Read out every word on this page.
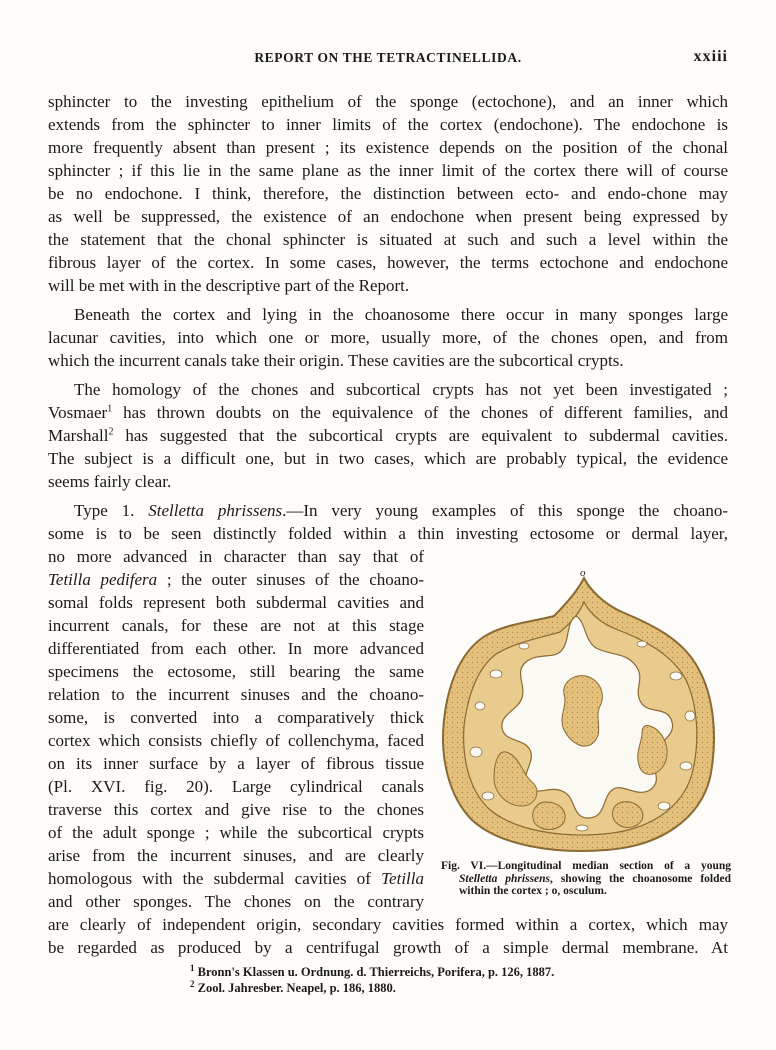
REPORT ON THE TETRACTINELLIDA.	xxiii
sphincter to the investing epithelium of the sponge (ectochone), and an inner which
extends from the sphincter to inner limits of the cortex (endochone). The endochone is
more frequently absent than present ; its existence depends on the position of the chonal
sphincter ; if this lie in the same plane as the inner limit of the cortex there will of course
be no endochone. I think, therefore, the distinction between ecto- and endo-chone may
as well be suppressed, the existence of an endochone when present being expressed by
the statement that the chonal sphincter is situated at such and such a level within the
fibrous layer of the cortex. In some cases, however, the terms ectochone and endochone
will be met with in the descriptive part of the Report.
Beneath the cortex and lying in the choanosome there occur in many sponges large
lacunar cavities, into which one or more, usually more, of the chones open, and from
which the incurrent canals take their origin. These cavities are the subcortical crypts.
The homology of the chones and subcortical crypts has not yet been investigated ;
Vosmaer$^1$ has thrown doubts on the equivalence of the chones of different families, and
Marshall$^2$ has suggested that the subcortical crypts are equivalent to subdermal cavities.
The subject is a difficult one, but in two cases, which are probably typical, the evidence
seems fairly clear.
Type 1. Stelletta phrissens.—In very young examples of this sponge the choano-
some is to be seen distinctly folded within a thin investing ectosome or dermal layer,
no more advanced in character than say that of
Tetilla pedifera ; the outer sinuses of the choano-
somal folds represent both subdermal cavities and
incurrent canals, for these are not at this stage
differentiated from each other. In more advanced
specimens the ectosome, still bearing the same
relation to the incurrent sinuses and the choano-
some, is converted into a comparatively thick
cortex which consists chiefly of collenchyma, faced
on its inner surface by a layer of fibrous tissue
(Pl. XVI. fig. 20). Large cylindrical canals
traverse this cortex and give rise to the chones
of the adult sponge ; while the subcortical crypts
arise from the incurrent sinuses, and are clearly
homologous with the subdermal cavities of Tetilla
and other sponges. The chones on the contrary
are clearly of independent origin, secondary cavities formed within a cortex, which may
be regarded as produced by a centrifugal growth of a simple dermal membrane. At
o
Fig. VI.—Longitudinal median section of a young
Stelletta phrissens, showing the choanosome folded
within the cortex ; o, osculum.
$^1$ Bronn's Klassen u. Ordnung. d. Thierreichs, Porifera, p. 126, 1887.
$^2$ Zool. Jahresber. Neapel, p. 186, 1880.
